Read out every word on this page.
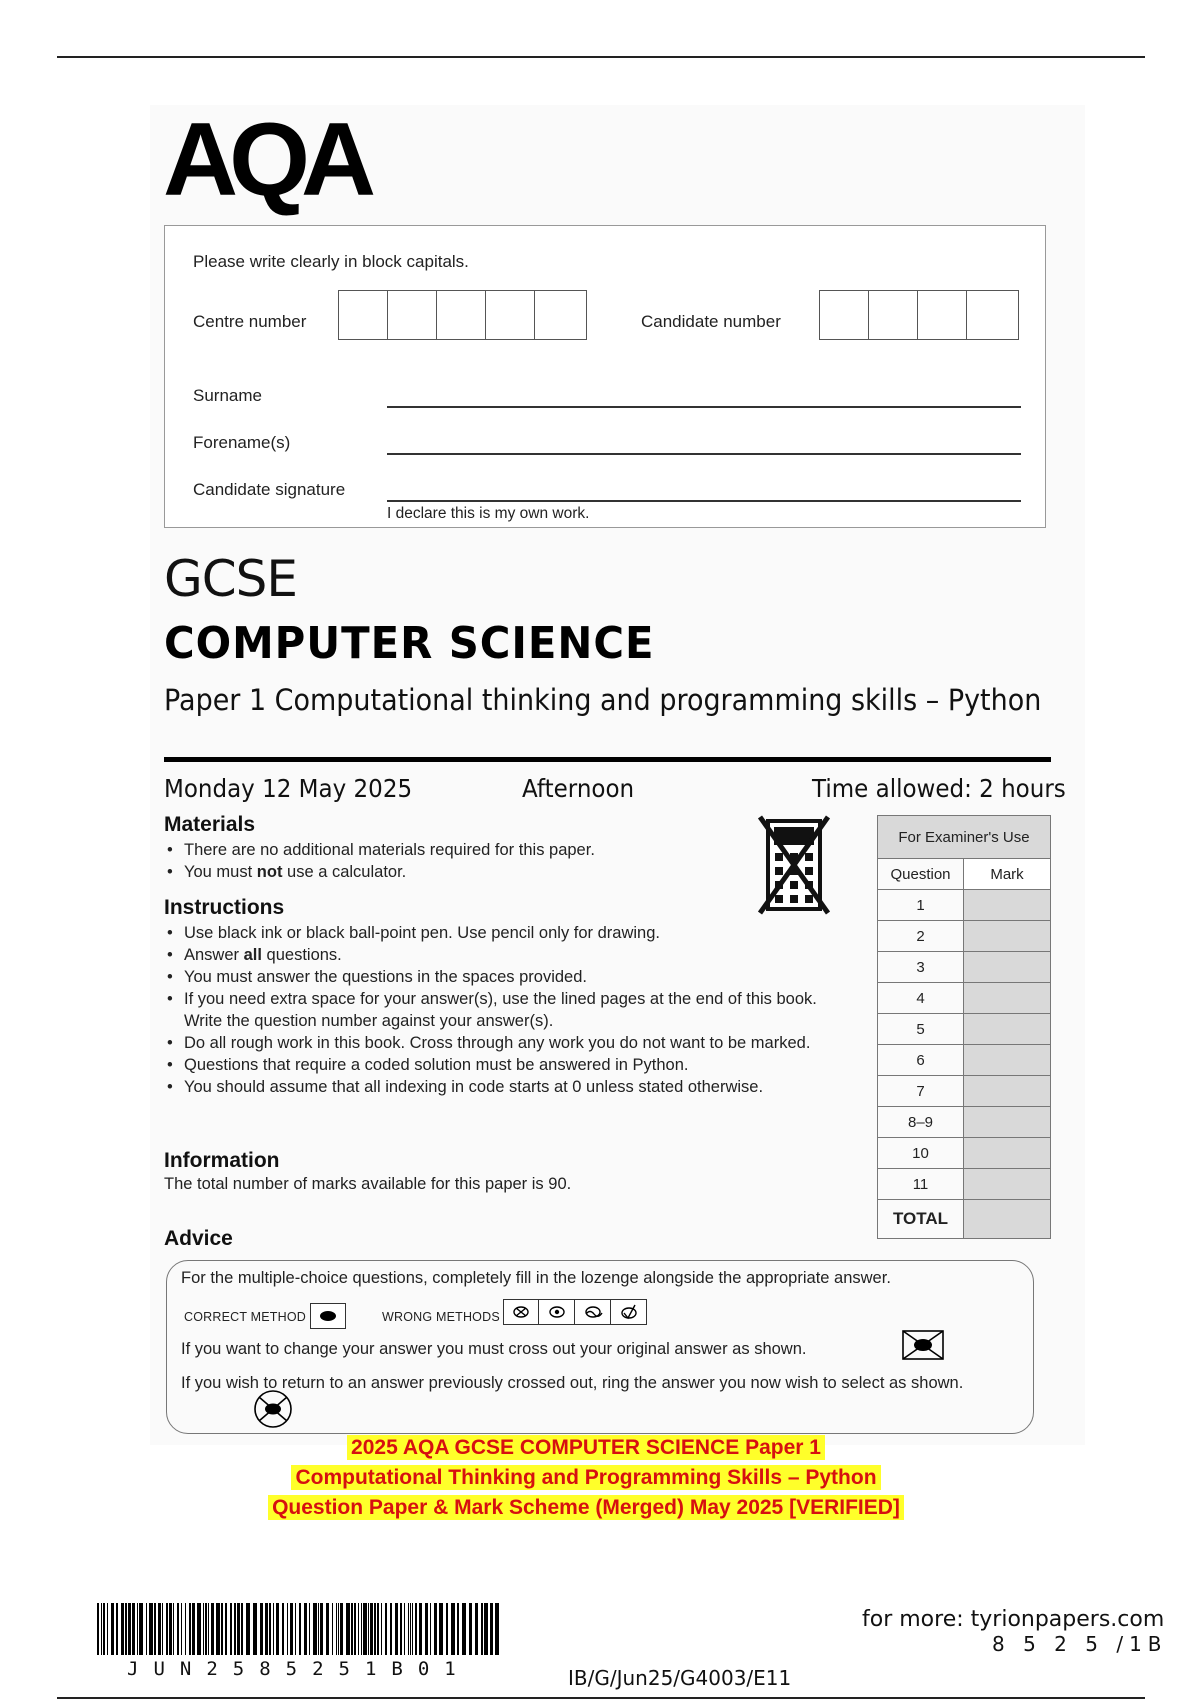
AQA
Please write clearly in block capitals.
Centre number	Candidate number
Surname
Forename(s)
Candidate signature
I declare this is my own work.
GCSE
COMPUTER SCIENCE
Paper 1 Computational thinking and programming skills – Python
Monday 12 May 2025	Afternoon	Time allowed: 2 hours
Materials
• There are no additional materials required for this paper.
• You must not use a calculator.
Instructions
• Use black ink or black ball-point pen. Use pencil only for drawing.
• Answer all questions.
• You must answer the questions in the spaces provided.
• If you need extra space for your answer(s), use the lined pages at the end of this book. Write the question number against your answer(s).
• Do all rough work in this book. Cross through any work you do not want to be marked.
• Questions that require a coded solution must be answered in Python.
• You should assume that all indexing in code starts at 0 unless stated otherwise.
Information
The total number of marks available for this paper is 90.
Advice
For the multiple-choice questions, completely fill in the lozenge alongside the appropriate answer.
CORRECT METHOD	WRONG METHODS
If you want to change your answer you must cross out your original answer as shown.
If you wish to return to an answer previously crossed out, ring the answer you now wish to select as shown.
For Examiner's Use	
Question	Mark
1	
2	
3	
4	
5	
6	
7	
8–9	
10	
11	
TOTAL	
2025 AQA GCSE COMPUTER SCIENCE Paper 1
Computational Thinking and Programming Skills – Python
Question Paper & Mark Scheme (Merged) May 2025 [VERIFIED]
JUN2585251B01
for more: tyrionpapers.com
8 5 2 5 /1B
IB/G/Jun25/G4003/E11
